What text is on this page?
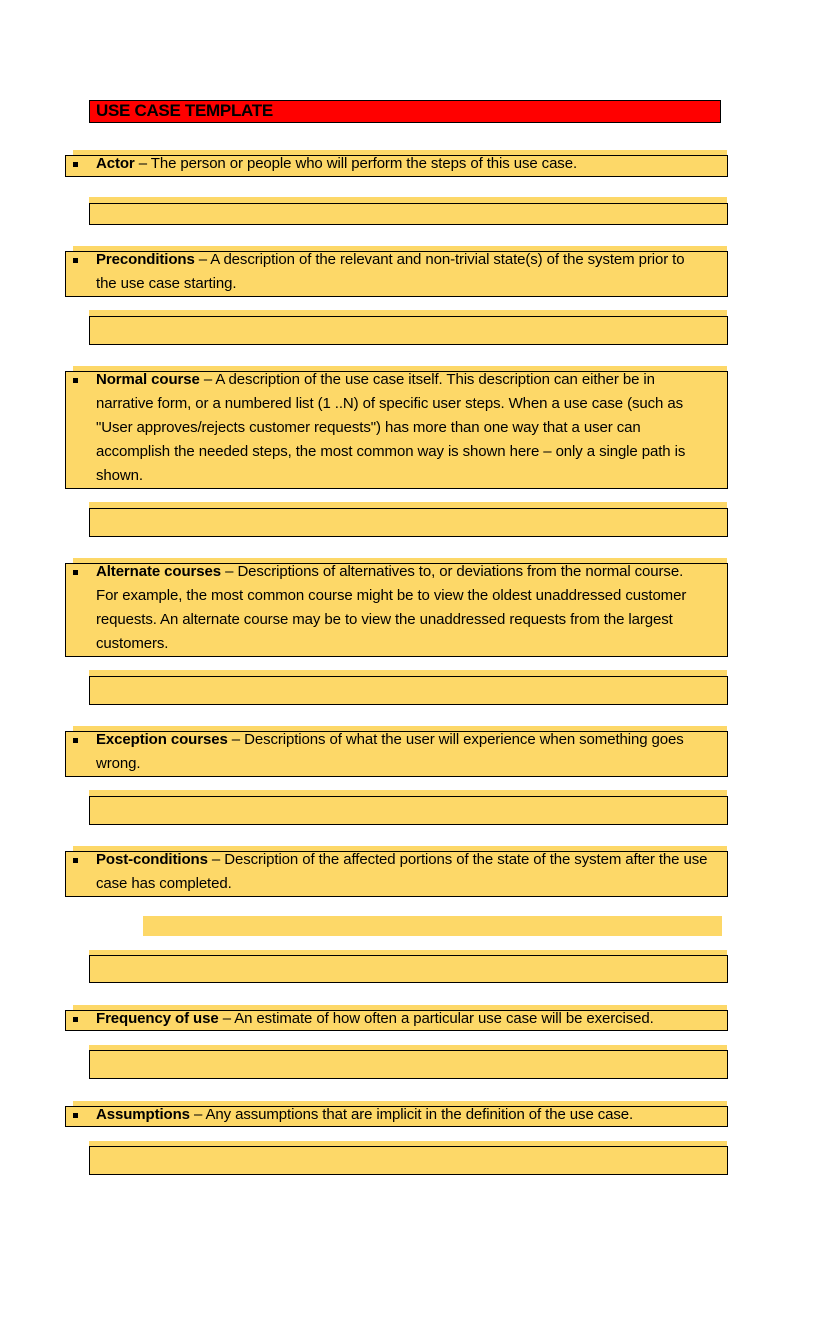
USE CASE TEMPLATE
Actor – The person or people who will perform the steps of this use case.
Preconditions – A description of the relevant and non-trivial state(s) of the system prior to the use case starting.
Normal course – A description of the use case itself. This description can either be in narrative form, or a numbered list (1 ..N) of specific user steps. When a use case (such as "User approves/rejects customer requests") has more than one way that a user can accomplish the needed steps, the most common way is shown here – only a single path is shown.
Alternate courses – Descriptions of alternatives to, or deviations from the normal course. For example, the most common course might be to view the oldest unaddressed customer requests. An alternate course may be to view the unaddressed requests from the largest customers.
Exception courses – Descriptions of what the user will experience when something goes wrong.
Post-conditions – Description of the affected portions of the state of the system after the use case has completed.
Frequency of use – An estimate of how often a particular use case will be exercised.
Assumptions – Any assumptions that are implicit in the definition of the use case.
